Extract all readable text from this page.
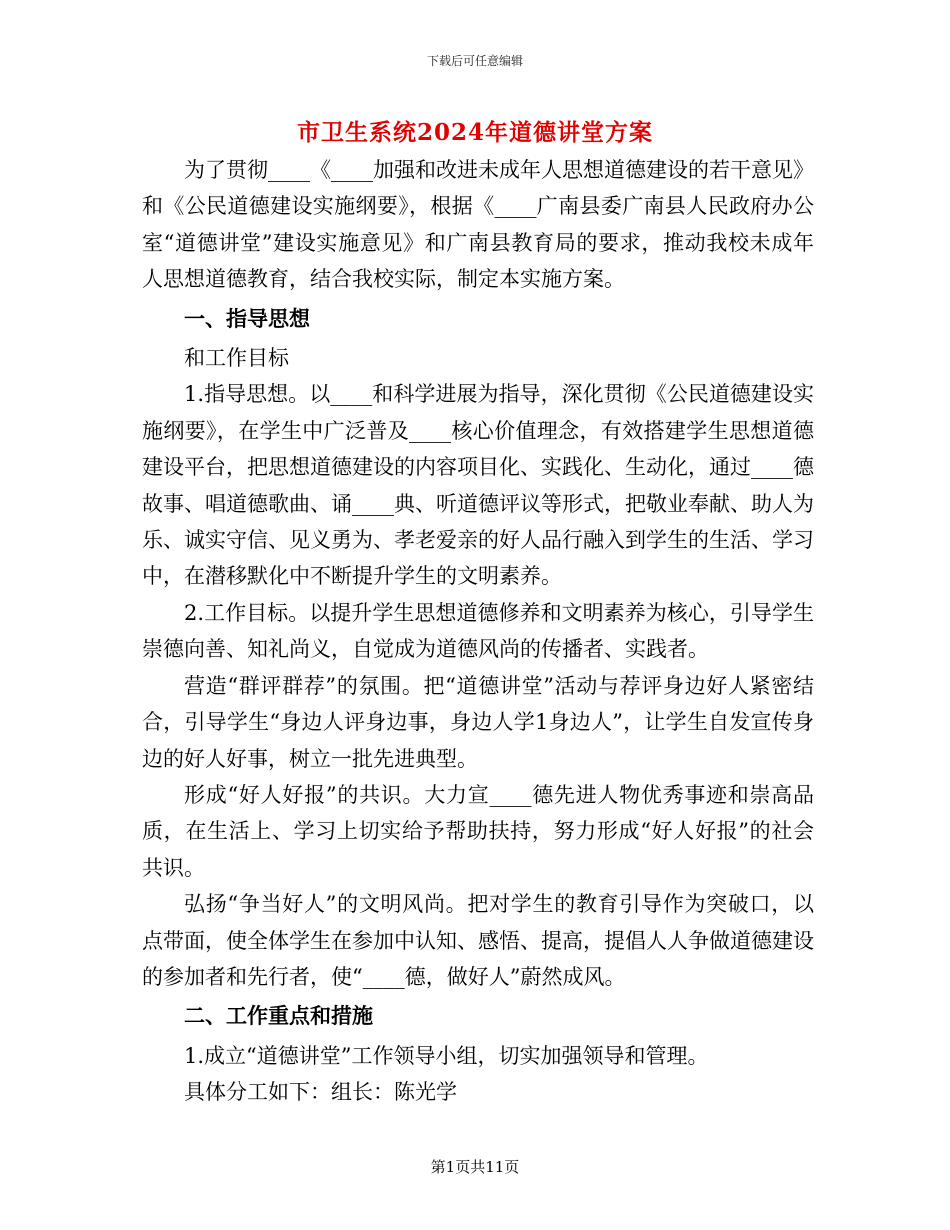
下载后可任意编辑
市卫生系统2024年道德讲堂方案

为了贯彻____《____加强和改进未成年人思想道德建设的若干意见》和《公民道德建设实施纲要》，根据《____广南县委广南县人民政府办公室“道德讲堂”建设实施意见》和广南县教育局的要求，推动我校未成年人思想道德教育，结合我校实际，制定本实施方案。

一、指导思想

和工作目标

1.指导思想。以____和科学进展为指导，深化贯彻《公民道德建设实施纲要》，在学生中广泛普及____核心价值理念，有效搭建学生思想道德建设平台，把思想道德建设的内容项目化、实践化、生动化，通过____德故事、唱道德歌曲、诵____典、听道德评议等形式，把敬业奉献、助人为乐、诚实守信、见义勇为、孝老爱亲的好人品行融入到学生的生活、学习中，在潜移默化中不断提升学生的文明素养。

2.工作目标。以提升学生思想道德修养和文明素养为核心，引导学生崇德向善、知礼尚义，自觉成为道德风尚的传播者、实践者。

营造“群评群荐”的氛围。把“道德讲堂”活动与荐评身边好人紧密结合，引导学生“身边人评身边事，身边人学1身边人”，让学生自发宣传身边的好人好事，树立一批先进典型。

形成“好人好报”的共识。大力宣____德先进人物优秀事迹和崇高品质，在生活上、学习上切实给予帮助扶持，努力形成“好人好报”的社会共识。

弘扬“争当好人”的文明风尚。把对学生的教育引导作为突破口，以点带面，使全体学生在参加中认知、感悟、提高，提倡人人争做道德建设的参加者和先行者，使“____德，做好人”蔚然成风。

二、工作重点和措施

1.成立“道德讲堂”工作领导小组，切实加强领导和管理。

具体分工如下：组长：陈光学

第1页共11页
